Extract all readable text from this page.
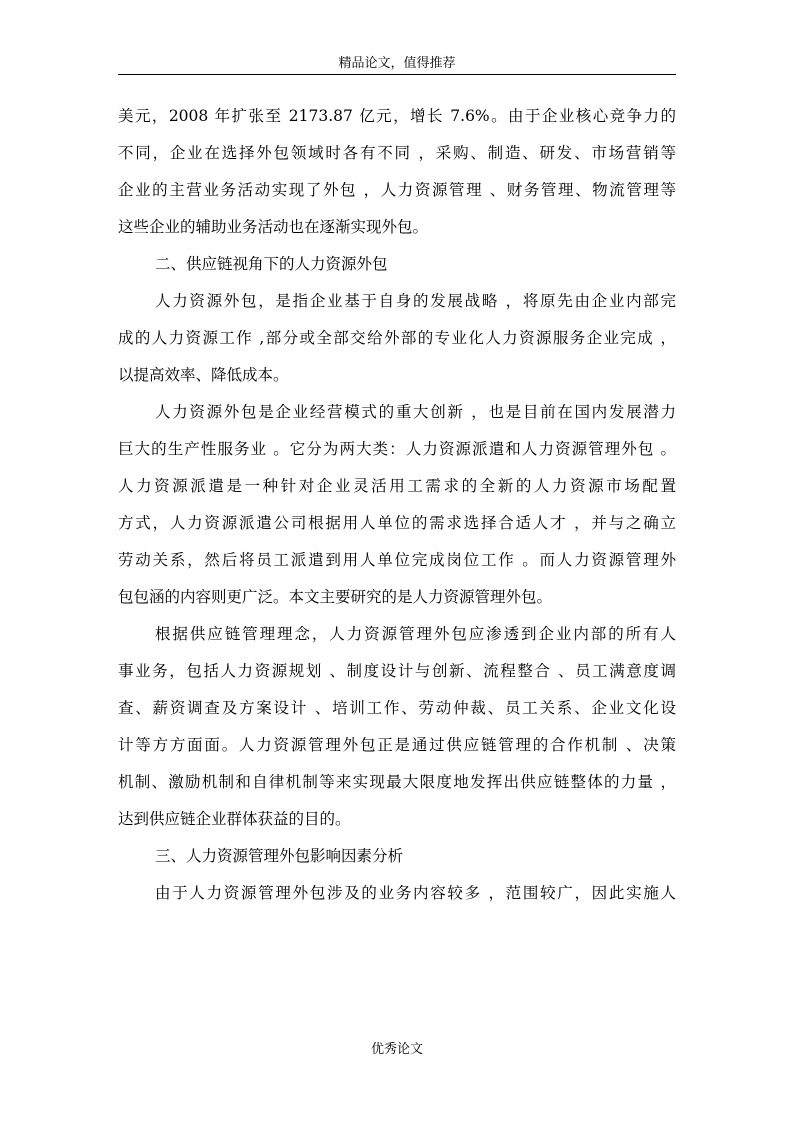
精品论文，值得推荐
美元，2008 年扩张至 2173.87 亿元，增长 7.6%。由于企业核心竞争力的
不同，企业在选择外包领域时各有不同 ，采购、制造、研发、市场营销等
企业的主营业务活动实现了外包 ，人力资源管理 、财务管理、物流管理等
这些企业的辅助业务活动也在逐渐实现外包。
二、供应链视角下的人力资源外包
人力资源外包，是指企业基于自身的发展战略 ，将原先由企业内部完
成的人力资源工作 ,部分或全部交给外部的专业化人力资源服务企业完成 ，
以提高效率、降低成本。
人力资源外包是企业经营模式的重大创新 ，也是目前在国内发展潜力
巨大的生产性服务业 。它分为两大类：人力资源派遣和人力资源管理外包 。
人力资源派遣是一种针对企业灵活用工需求的全新的人力资源市场配置
方式，人力资源派遣公司根据用人单位的需求选择合适人才 ，并与之确立
劳动关系，然后将员工派遣到用人单位完成岗位工作 。而人力资源管理外
包包涵的内容则更广泛。本文主要研究的是人力资源管理外包。
根据供应链管理理念，人力资源管理外包应渗透到企业内部的所有人
事业务，包括人力资源规划 、制度设计与创新、流程整合 、员工满意度调
查、薪资调查及方案设计 、培训工作、劳动仲裁、员工关系、企业文化设
计等方方面面。人力资源管理外包正是通过供应链管理的合作机制 、决策
机制、激励机制和自律机制等来实现最大限度地发挥出供应链整体的力量 ，
达到供应链企业群体获益的目的。
三、人力资源管理外包影响因素分析
由于人力资源管理外包涉及的业务内容较多 ，范围较广，因此实施人
优秀论文
